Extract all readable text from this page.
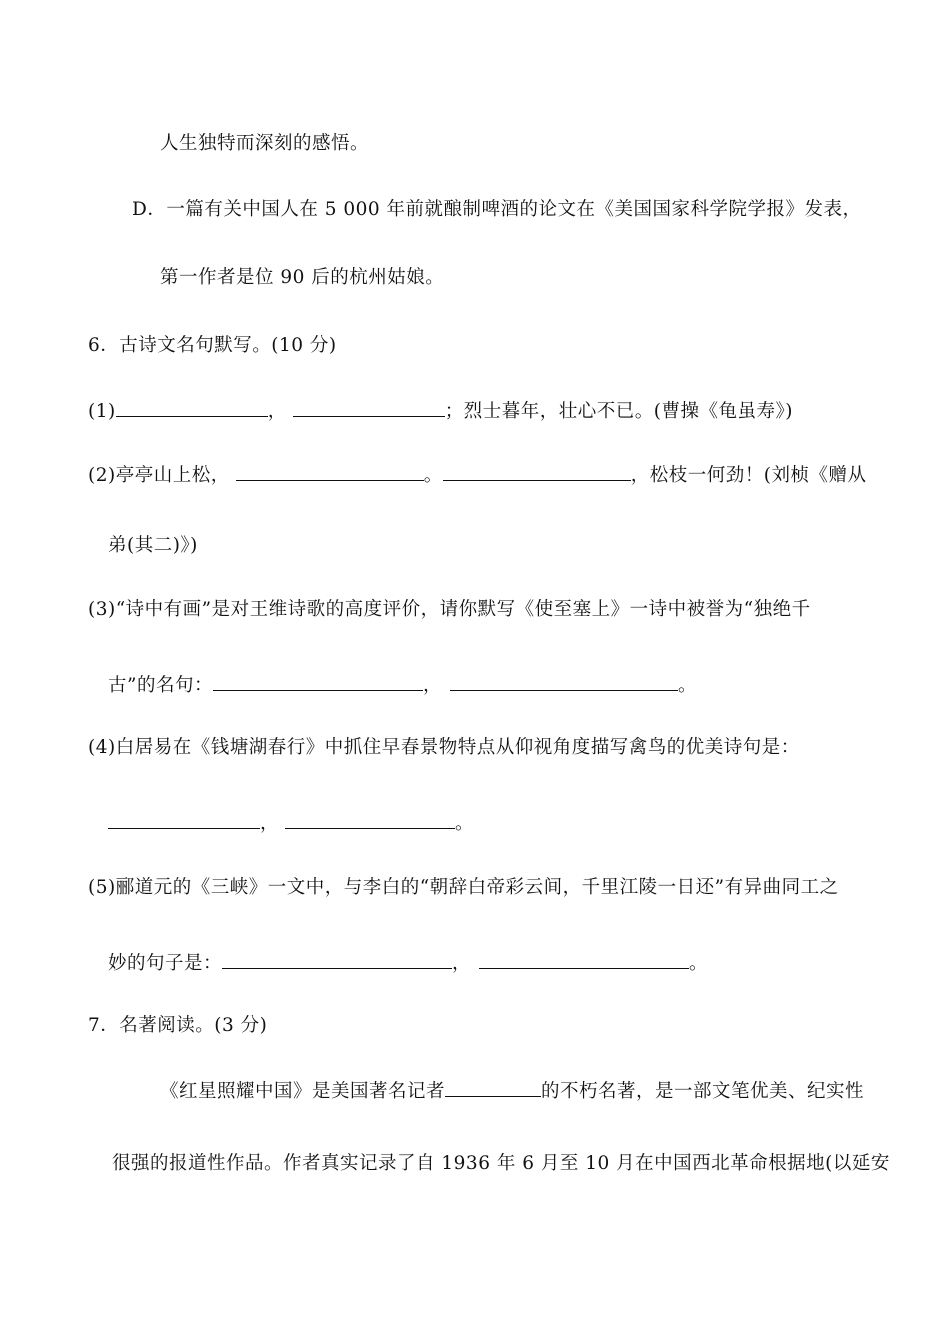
人生独特而深刻的感悟。
D．一篇有关中国人在 5 000 年前就酿制啤酒的论文在《美国国家科学院学报》发表，
第一作者是位 90 后的杭州姑娘。
6．古诗文名句默写。(10 分)
(1)	，	；烈士暮年，壮心不已。(曹操《龟虽寿》)
(2)亭亭山上松，	。	，松枝一何劲！(刘桢《赠从
弟(其二)》)
(3)“诗中有画”是对王维诗歌的高度评价，请你默写《使至塞上》一诗中被誉为“独绝千
古”的名句：	，	。
(4)白居易在《钱塘湖春行》中抓住早春景物特点从仰视角度描写禽鸟的优美诗句是：
，	。
(5)郦道元的《三峡》一文中，与李白的“朝辞白帝彩云间，千里江陵一日还”有异曲同工之
妙的句子是：	，	。
7．名著阅读。(3 分)
《红星照耀中国》是美国著名记者	的不朽名著，是一部文笔优美、纪实性
很强的报道性作品。作者真实记录了自 1936 年 6 月至 10 月在中国西北革命根据地(以延安
